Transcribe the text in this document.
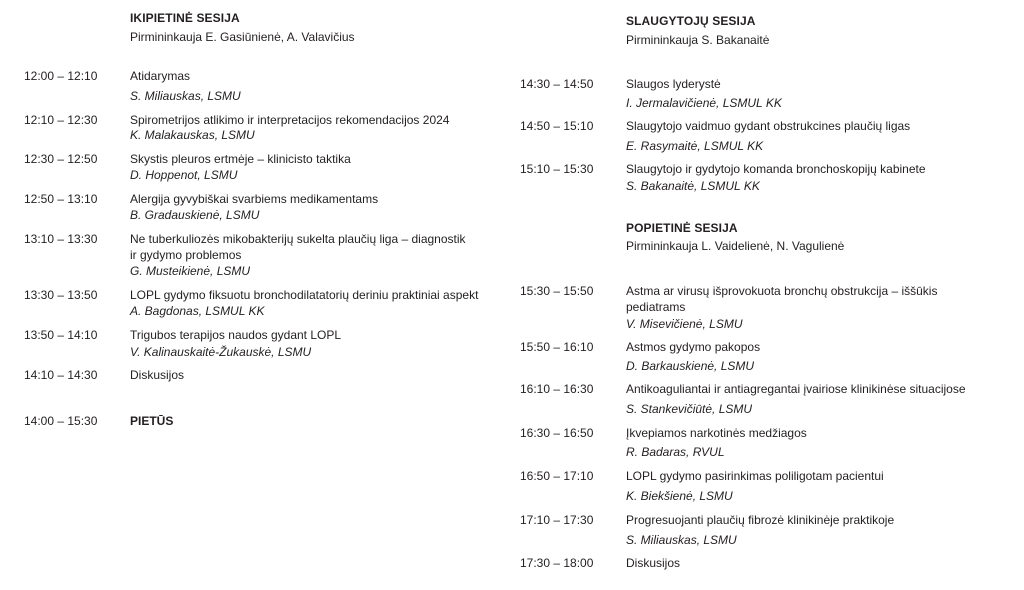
IKIPIETINĖ SESIJA
Pirmininkauja E. Gasiūnienė, A. Valavičius
12:00 – 12:10	Atidarymas
S. Miliauskas, LSMU
12:10 – 12:30	Spirometrijos atlikimo ir interpretacijos rekomendacijos 2024
K. Malakauskas, LSMU
12:30 – 12:50	Skystis pleuros ertmėje – klinicisto taktika
D. Hoppenot, LSMU
12:50 – 13:10	Alergija gyvybiškai svarbiems medikamentams
B. Gradauskienė, LSMU
13:10 – 13:30	Ne tuberkuliozės mikobakterijų sukelta plaučių liga – diagnostik
ir gydymo problemos
G. Musteikienė, LSMU
13:30 – 13:50	LOPL gydymo fiksuotu bronchodilatatorių deriniu praktiniai aspekt
A. Bagdonas, LSMUL KK
13:50 – 14:10	Trigubos terapijos naudos gydant LOPL
V. Kalinauskaitė-Žukauskė, LSMU
14:10 – 14:30	Diskusijos
14:00 – 15:30	PIETŪS
SLAUGYTOJŲ SESIJA
Pirmininkauja S. Bakanaitė
14:30 – 14:50	Slaugos lyderystė
I. Jermalavičienė, LSMUL KK
14:50 – 15:10	Slaugytojo vaidmuo gydant obstrukcines plaučių ligas
E. Rasymaitė, LSMUL KK
15:10 – 15:30	Slaugytojo ir gydytojo komanda bronchoskopijų kabinete
S. Bakanaitė, LSMUL KK
POPIETINĖ SESIJA
Pirmininkauja L. Vaidelienė, N. Vagulienė
15:30 – 15:50	Astma ar virusų išprovokuota bronchų obstrukcija – iššūkis
pediatrams
V. Misevičienė, LSMU
15:50 – 16:10	Astmos gydymo pakopos
D. Barkauskienė, LSMU
16:10 – 16:30	Antikoaguliantai ir antiagregantai įvairiose klinikinėse situacijose
S. Stankevičiūtė, LSMU
16:30 – 16:50	Įkvepiamos narkotinės medžiagos
R. Badaras, RVUL
16:50 – 17:10	LOPL gydymo pasirinkimas poliligotam pacientui
K. Biekšienė, LSMU
17:10 – 17:30	Progresuojanti plaučių fibrozė klinikinėje praktikoje
S. Miliauskas, LSMU
17:30 – 18:00	Diskusijos
